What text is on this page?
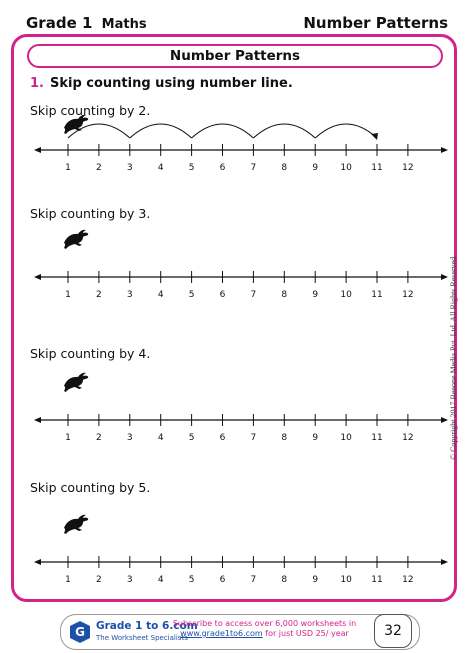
Grade 1 Maths	Number Patterns
Number Patterns
1. Skip counting using number line.
Skip counting by 2.
1	2	3	4	5	6	7	8	9 10 11 12
Skip counting by 3.
1	2	3	4	5	6	7	8	9 10 11 12
Skip counting by 4.
1	2	3	4	5	6	7	8	9 10 11 12
Skip counting by 5.
1	2	3	4	5	6	7	8	9 10 11 12
© Copyright 2017 Beeone Media Pvt. Ltd. All Rights Reserved
G Grade 1 to 6.com
The Worksheet Specialists
Subscribe to access over 6,000 worksheets in
www.grade1to6.com for just USD 25/ year	32
